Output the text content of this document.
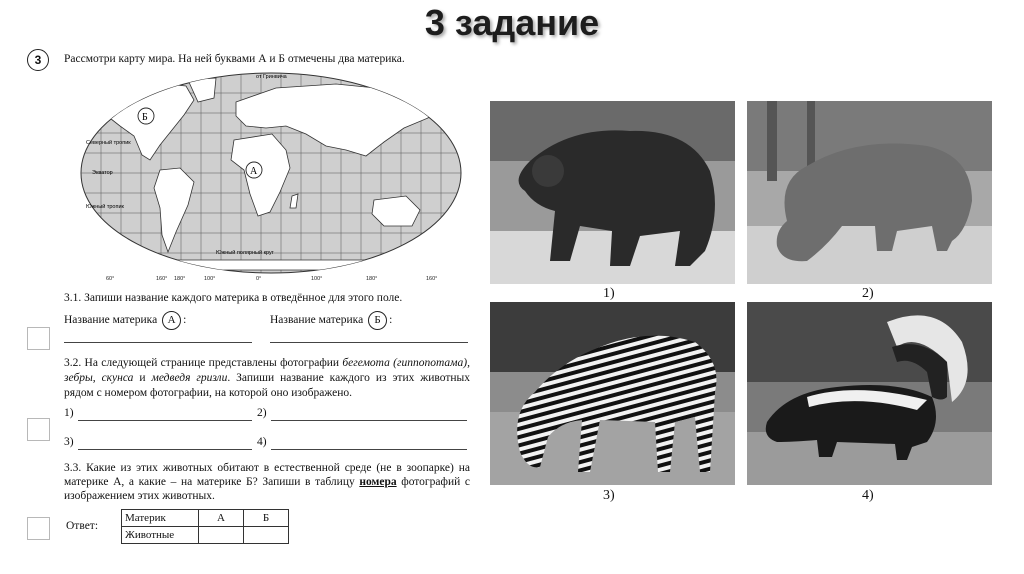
3 задание
3	Рассмотри карту мира. На ней буквами А и Б отмечены два материка.
Северный тропик
Экватор
Южный тропик
Южный полярный круг
от Гринвича
Б
А
60°	160° 180°	100°	0°	100°	180°	160°
3.1. Запиши название каждого материка в отведённое для этого поле.
Название материка А :	Название материка Б :
3.2. На следующей странице представлены фотографии бегемота (гиппопотама), зебры, скунса и медведя гризли. Запиши название каждого из этих животных рядом с номером фотографии, на которой оно изображено.
1)	2)
3)	4)
3.3. Какие из этих животных обитают в естественной среде (не в зоопарке) на материке А, а какие – на материке Б? Запиши в таблицу номера фотографий с изображением этих животных.
Ответ:
Материк	А	Б
Животные		
1)	2)
3)	4)
